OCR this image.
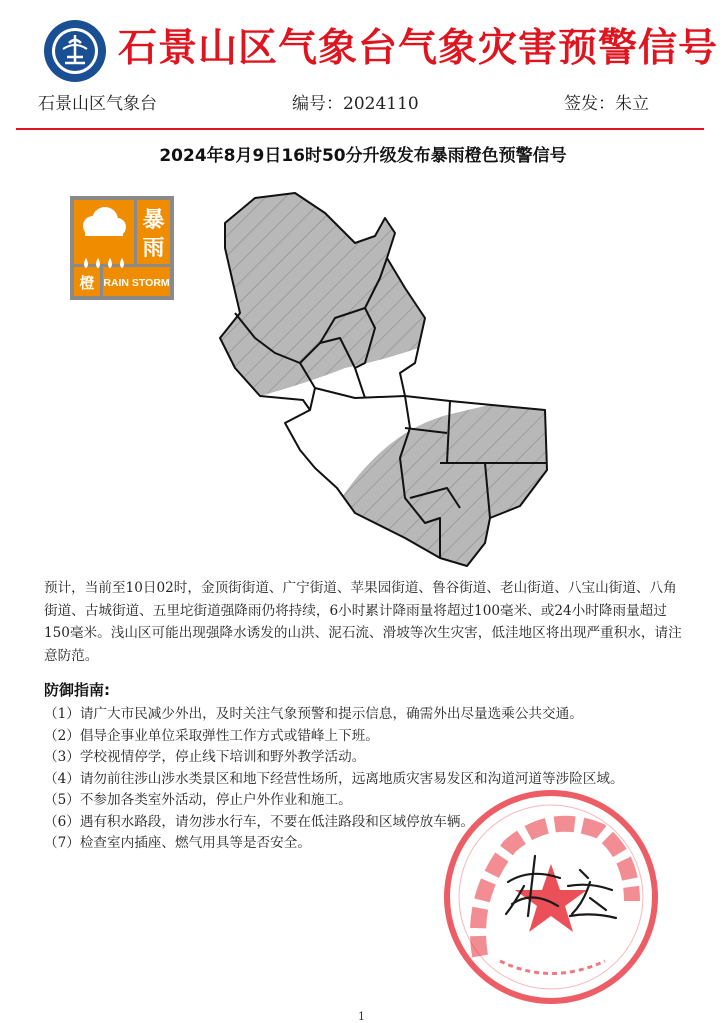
石景山区气象台气象灾害预警信号
石景山区气象台	编号：2024110	签发：朱立
2024年8月9日16时50分升级发布暴雨橙色预警信号
暴
雨
橙 RAIN STORM
预计，当前至10日02时，金顶街街道、广宁街道、苹果园街道、鲁谷街道、老山街道、八宝山街道、八角街道、古城街道、五里坨街道强降雨仍将持续，6小时累计降雨量将超过100毫米、或24小时降雨量超过150毫米。浅山区可能出现强降水诱发的山洪、泥石流、滑坡等次生灾害，低洼地区将出现严重积水，请注意防范。
防御指南:
（1）请广大市民减少外出，及时关注气象预警和提示信息，确需外出尽量选乘公共交通。
（2）倡导企事业单位采取弹性工作方式或错峰上下班。
（3）学校视情停学，停止线下培训和野外教学活动。
（4）请勿前往涉山涉水类景区和地下经营性场所，远离地质灾害易发区和沟道河道等涉险区域。
（5）不参加各类室外活动，停止户外作业和施工。
（6）遇有积水路段，请勿涉水行车，不要在低洼路段和区域停放车辆。
（7）检查室内插座、燃气用具等是否安全。
1
